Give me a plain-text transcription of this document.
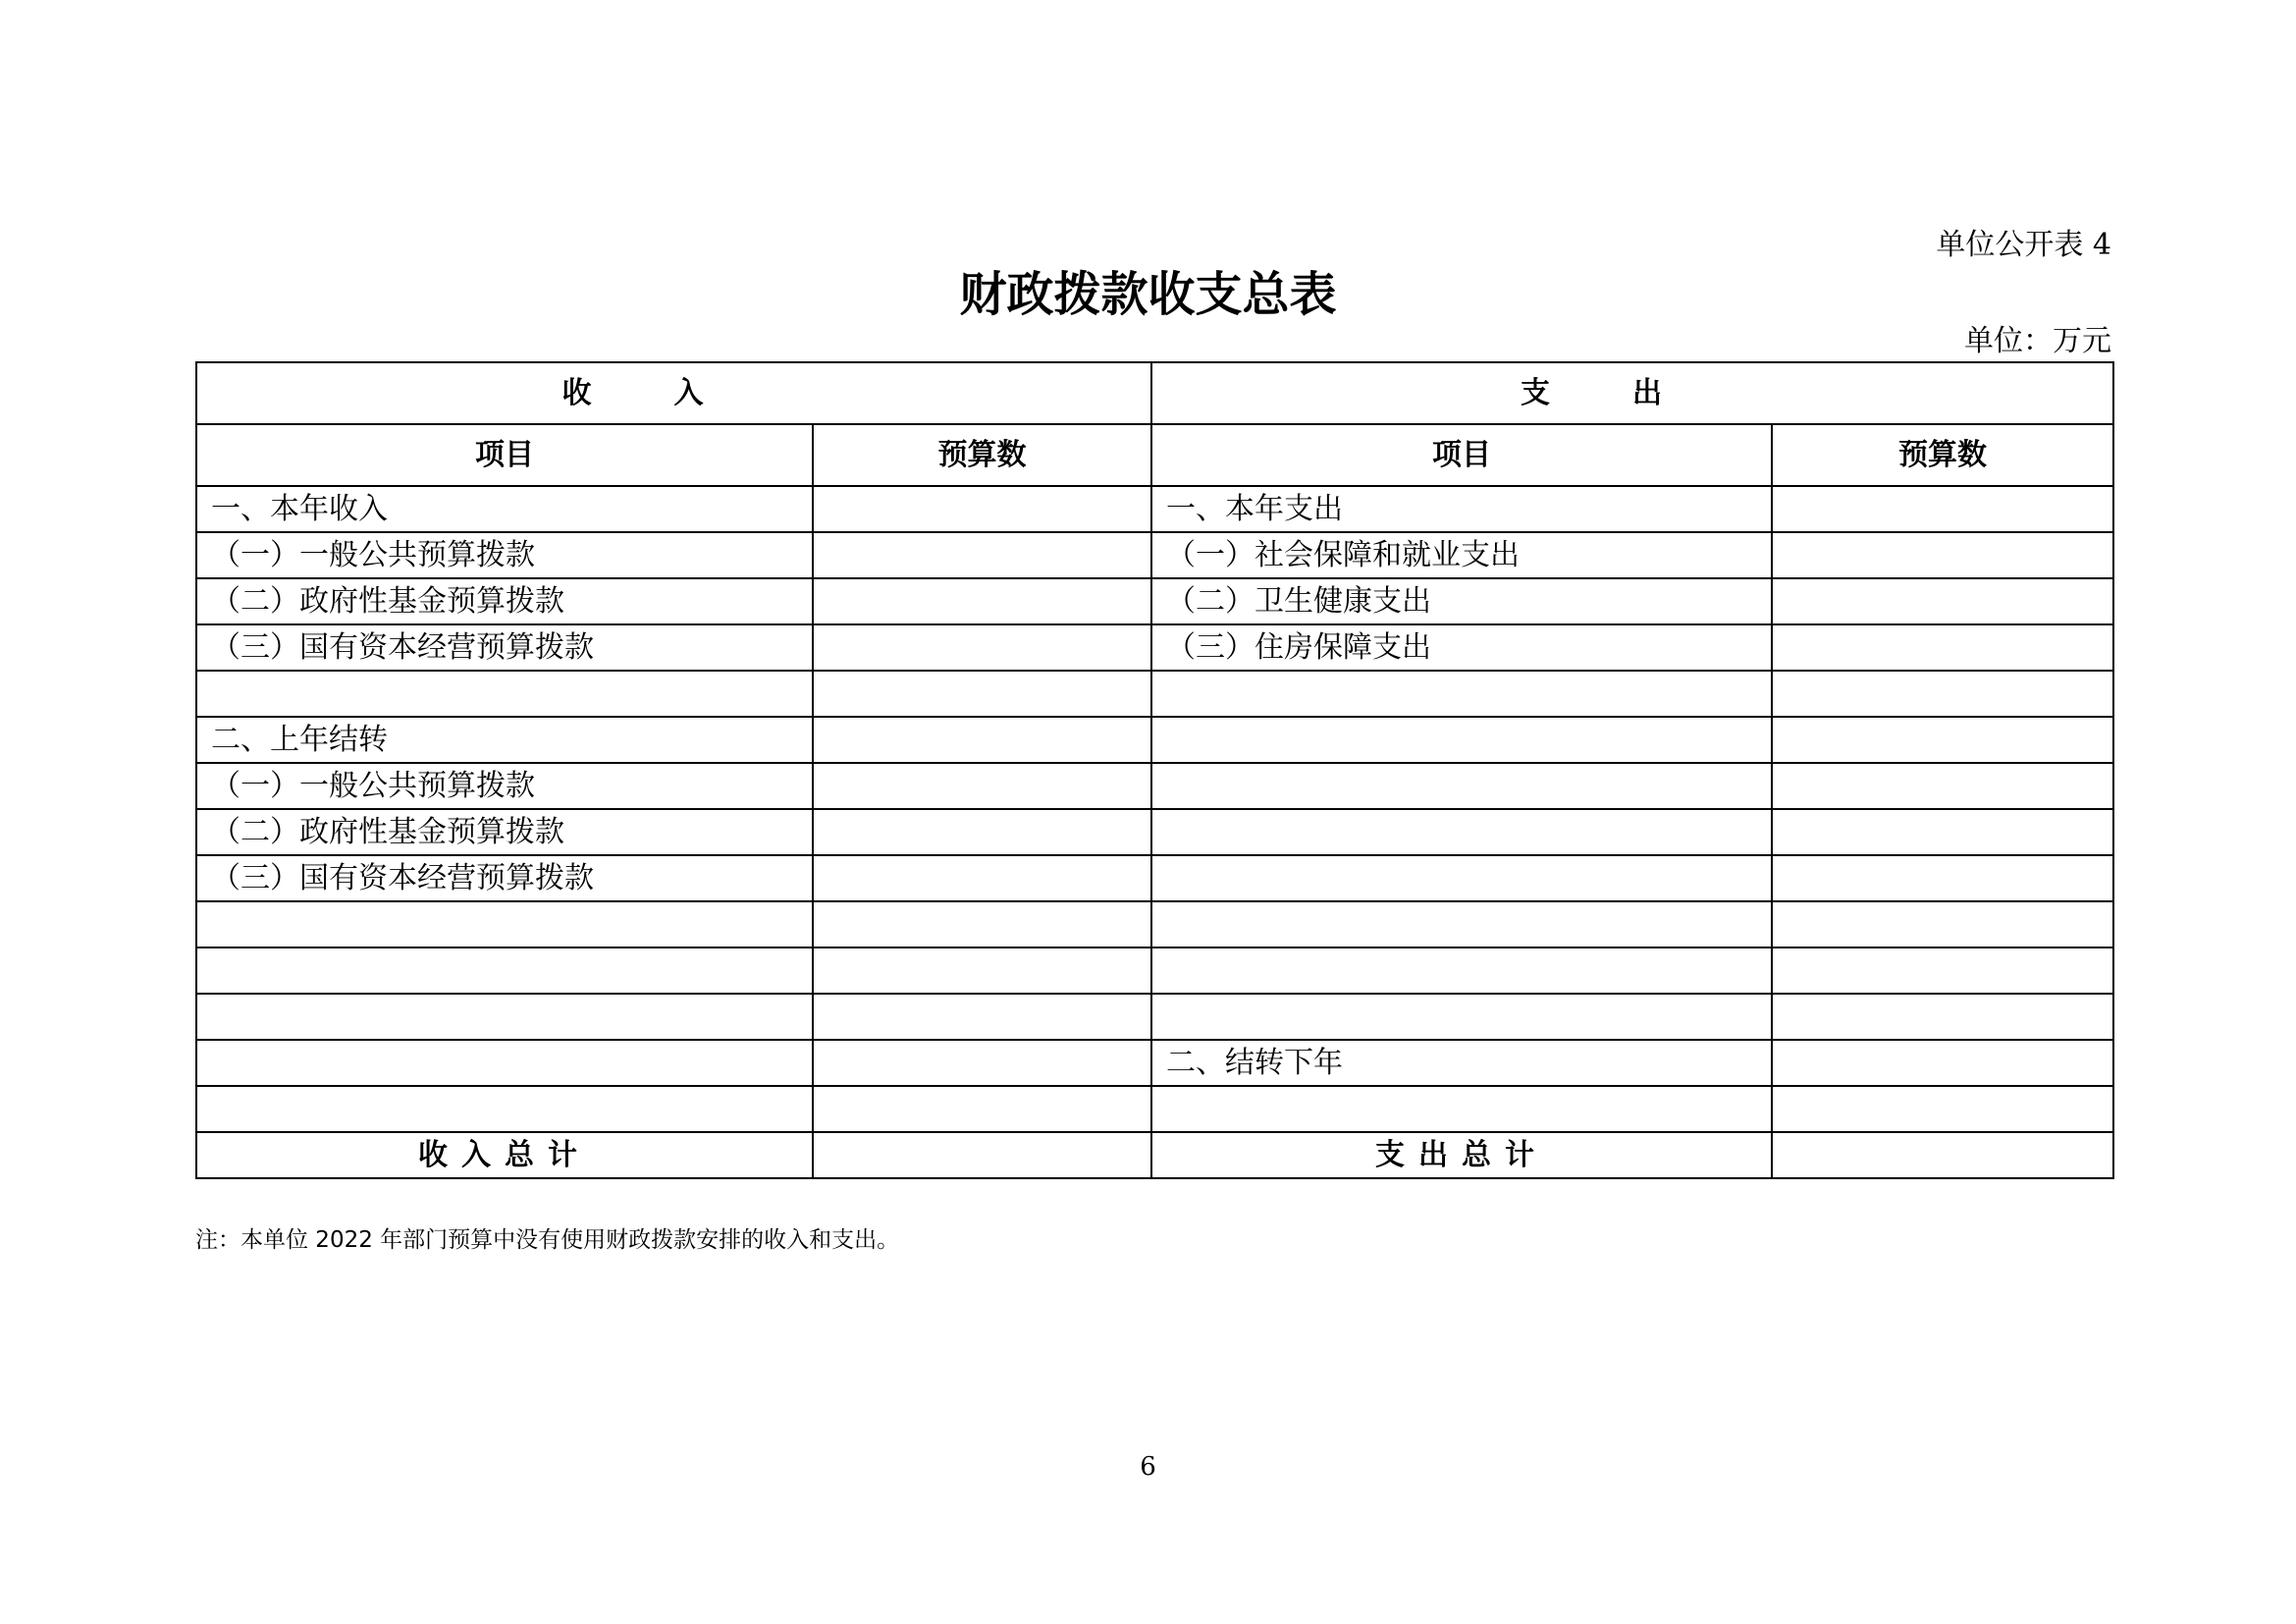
单位公开表 4
财政拨款收支总表
单位：万元
收入		支出	
项目	预算数	项目	预算数
一、本年收入		一、本年支出	
（一）一般公共预算拨款		（一）社会保障和就业支出	
（二）政府性基金预算拨款		（二）卫生健康支出	
（三）国有资本经营预算拨款		（三）住房保障支出	

二、上年结转			
（一）一般公共预算拨款			
（二）政府性基金预算拨款			
（三）国有资本经营预算拨款			

		二、结转下年	

收入总计		支出总计	
注：本单位 2022 年部门预算中没有使用财政拨款安排的收入和支出。
6
